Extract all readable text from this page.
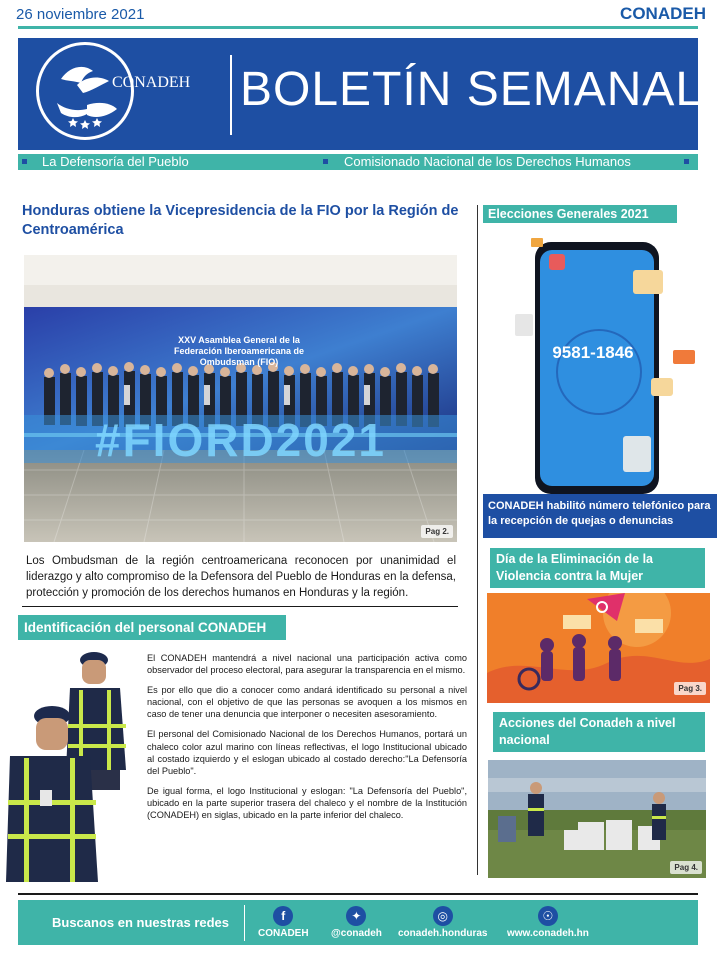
26 noviembre 2021	CONADEH
CONADEH BOLETÍN SEMANAL
La Defensoría del Pueblo	Comisionado Nacional de los Derechos Humanos
Honduras obtiene la Vicepresidencia de la FIO por la Región de Centroamérica
XXV Asamblea General de la Federación Iberoamericana de Ombudsman (FIO)
#FIORD2021
Pag 2.
Los Ombudsman de la región centroamericana reconocen por unanimidad el liderazgo y alto compromiso de la Defensora del Pueblo de Honduras en la defensa, protección y promoción de los derechos humanos en Honduras y la región.
Identificación del personal CONADEH

El CONADEH mantendrá a nivel nacional una participación activa como observador del proceso electoral, para asegurar la transparencia en el mismo.

Es por ello que dio a conocer como andará identificado su personal a nivel nacional, con el objetivo de que las personas se avoquen a los mismos en caso de tener una denuncia que interponer o necesiten asesoramiento.

El personal del Comisionado Nacional de los Derechos Humanos, portará un chaleco color azul marino con líneas reflectivas, el logo Institucional ubicado al costado izquierdo y el eslogan ubicado al costado derecho:"La Defensoría del Pueblo".

De igual forma, el logo Institucional y eslogan: "La Defensoría del Pueblo", ubicado en la parte superior trasera del chaleco y el nombre de la Institución (CONADEH) en siglas, ubicado en la parte inferior del chaleco.

Elecciones Generales 2021
9581-1846
CONADEH habilitó número telefónico para la recepción de quejas o denuncias
Día de la Eliminación de la Violencia contra la Mujer
Pag 3.
Acciones del Conadeh a nivel nacional
Pag 4.
Buscanos en nuestras redes	f
CONADEH
✦
@conadeh
◎
conadeh.honduras
☉
www.conadeh.hn
